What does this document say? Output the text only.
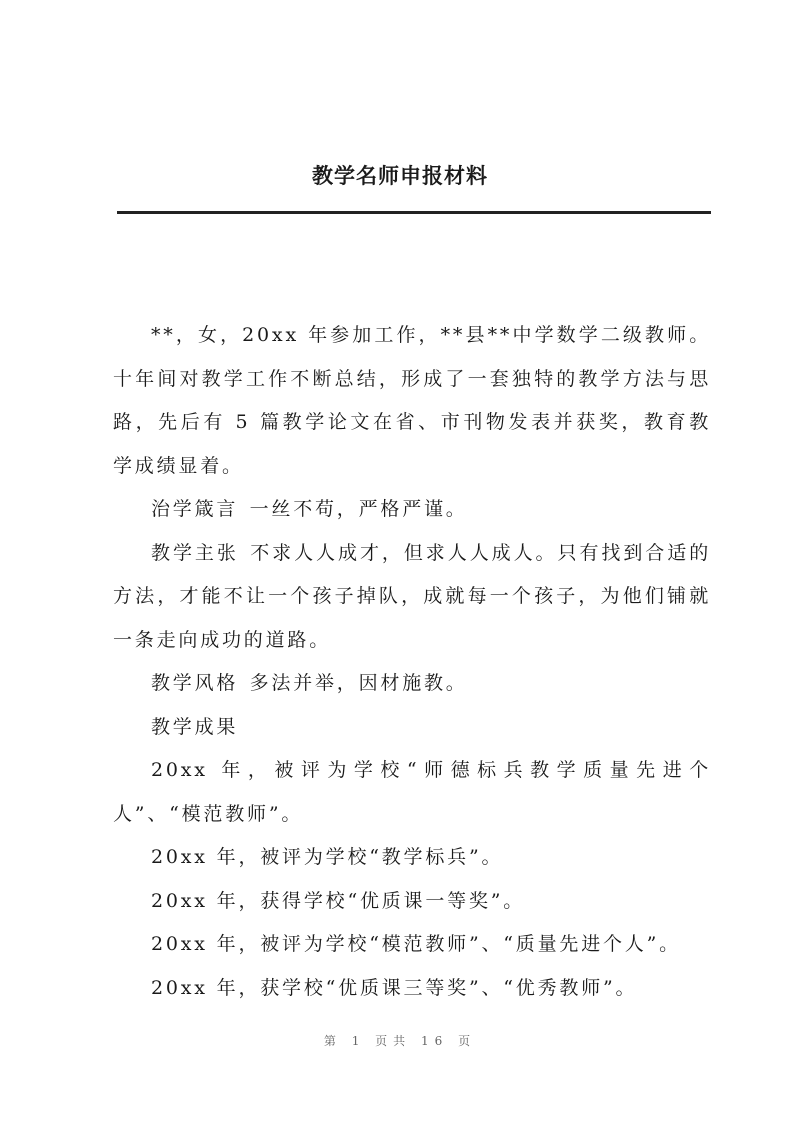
教学名师申报材料

**，女，20xx 年参加工作，**县**中学数学二级教师。十年间对教学工作不断总结，形成了一套独特的教学方法与思路，先后有 5 篇教学论文在省、市刊物发表并获奖，教育教学成绩显着。

治学箴言 一丝不苟，严格严谨。

教学主张 不求人人成才，但求人人成人。只有找到合适的方法，才能不让一个孩子掉队，成就每一个孩子，为他们铺就一条走向成功的道路。

教学风格 多法并举，因材施教。

教学成果

20xx 年，被评为学校“师德标兵教学质量先进个人”、“模范教师”。

20xx 年，被评为学校“教学标兵”。

20xx 年，获得学校“优质课一等奖”。

20xx 年，被评为学校“模范教师”、“质量先进个人”。

20xx 年，获学校“优质课三等奖”、“优秀教师”。

第 1 页共 16 页
